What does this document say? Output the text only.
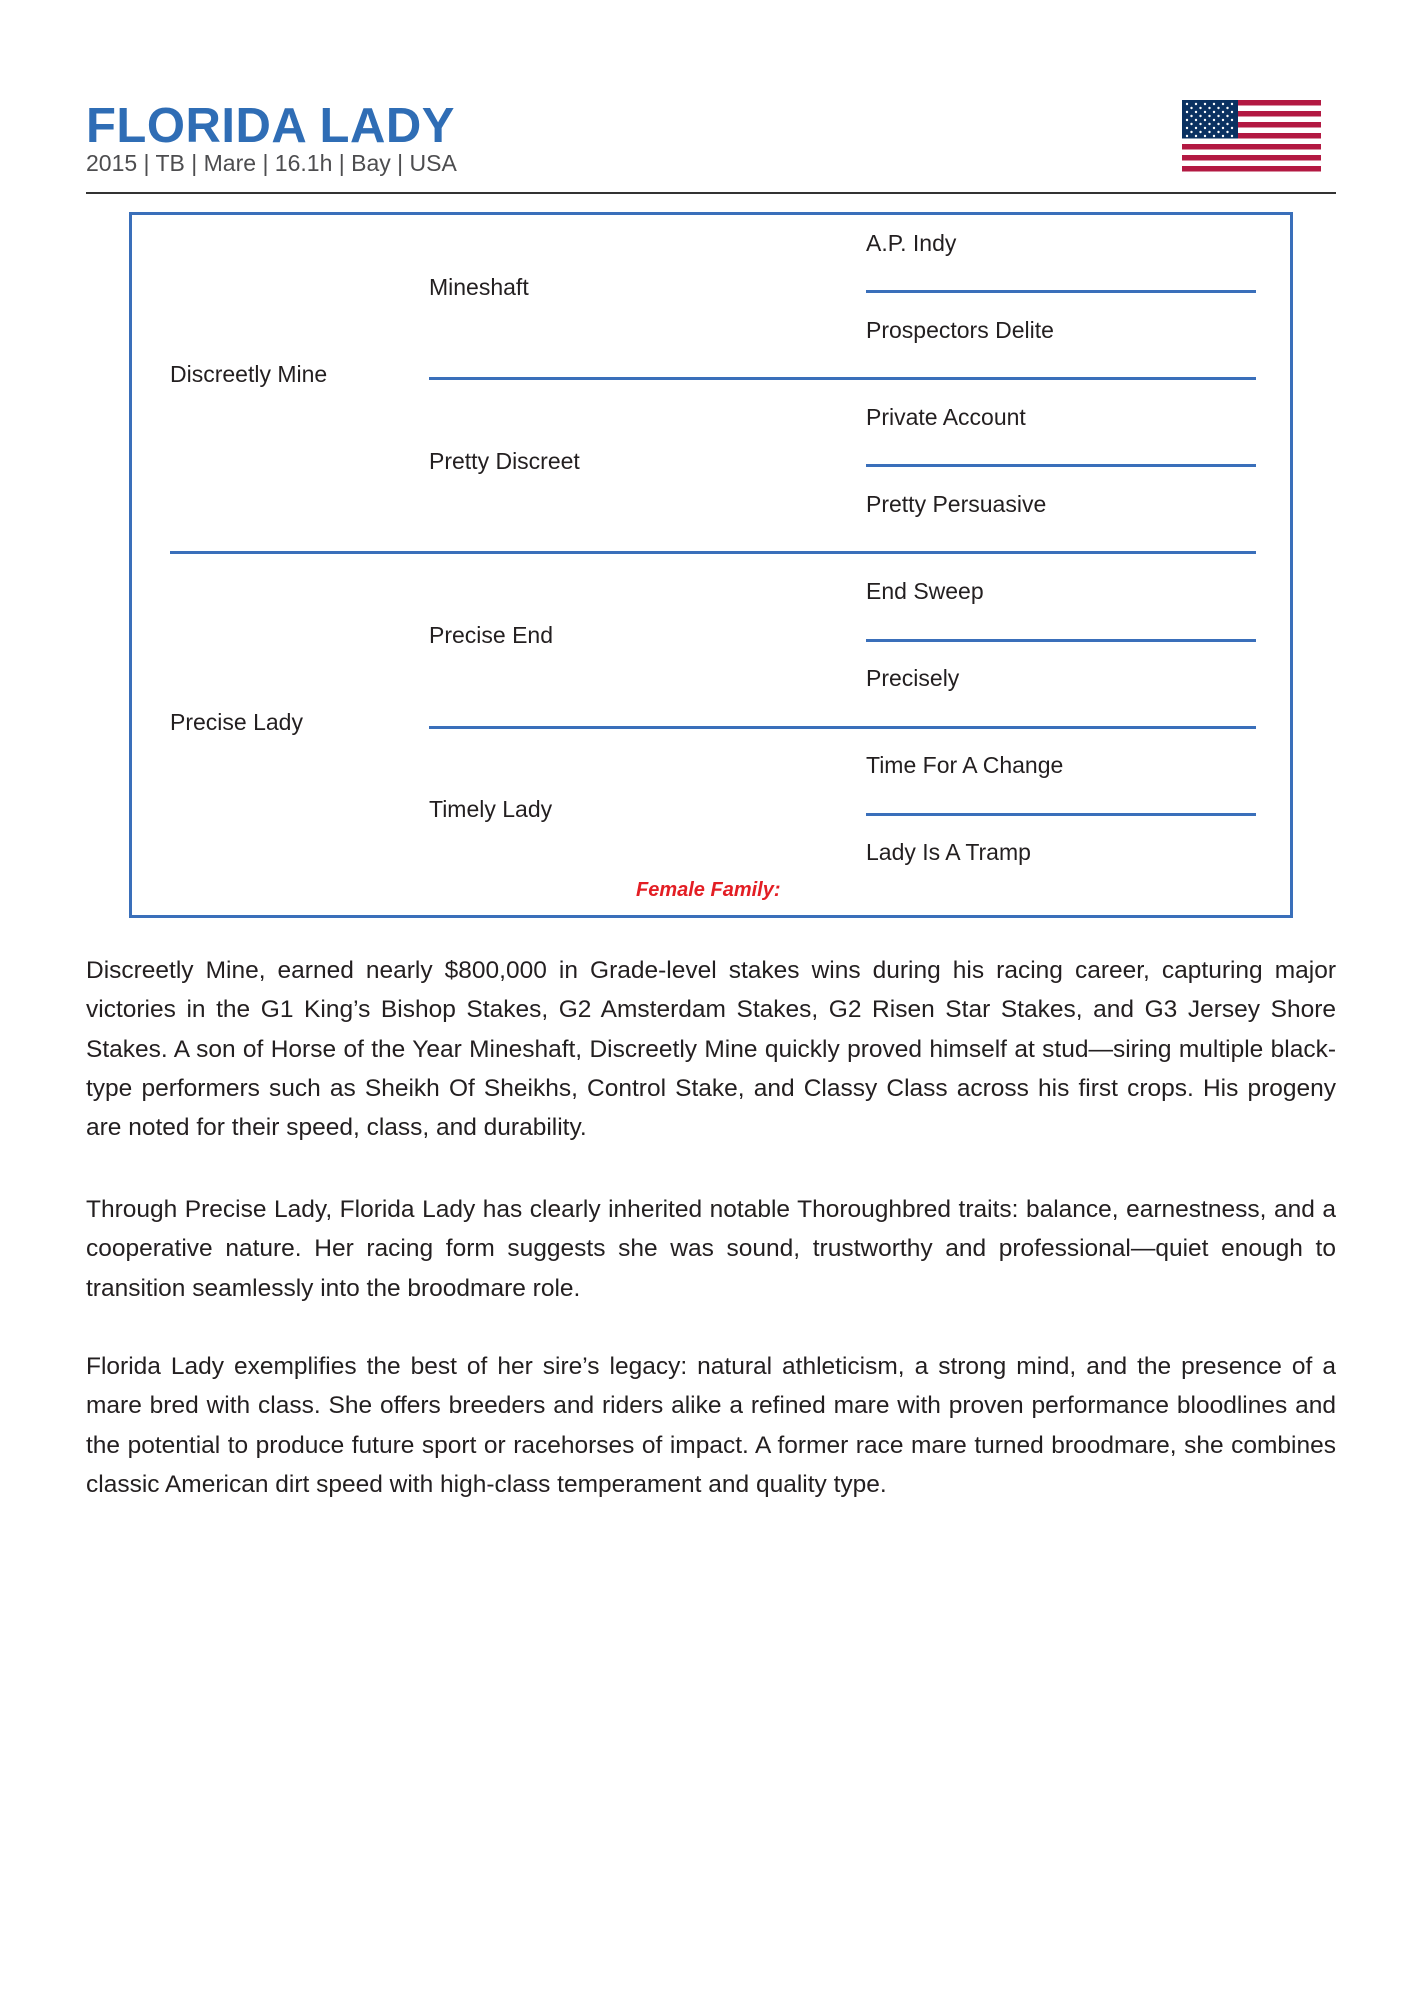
FLORIDA LADY
2015 | TB | Mare | 16.1h | Bay | USA
A.P. Indy
Prospectors Delite
Private Account
Pretty Persuasive
End Sweep
Precisely
Time For A Change
Lady Is A Tramp
Mineshaft
Pretty Discreet
Precise End
Timely Lady
Discreetly Mine
Precise Lady
Female Family:

Discreetly Mine, earned nearly $800,000 in Grade-level stakes wins during his racing career, capturing major victories in the G1 King’s Bishop Stakes, G2 Amsterdam Stakes, G2 Risen Star Stakes, and G3 Jersey Shore Stakes. A son of Horse of the Year Mineshaft, Discreetly Mine quickly proved himself at stud—siring multiple black-type performers such as Sheikh Of Sheikhs, Control Stake, and Classy Class across his first crops. His progeny are noted for their speed, class, and durability.

Through Precise Lady, Florida Lady has clearly inherited notable Thoroughbred traits: balance, earnestness, and a cooperative nature. Her racing form suggests she was sound, trustworthy and professional—quiet enough to transition seamlessly into the broodmare role.

Florida Lady exemplifies the best of her sire’s legacy: natural athleticism, a strong mind, and the presence of a mare bred with class. She offers breeders and riders alike a refined mare with proven performance bloodlines and the potential to produce future sport or racehorses of impact. A former race mare turned broodmare, she combines classic American dirt speed with high-class temperament and quality type.
